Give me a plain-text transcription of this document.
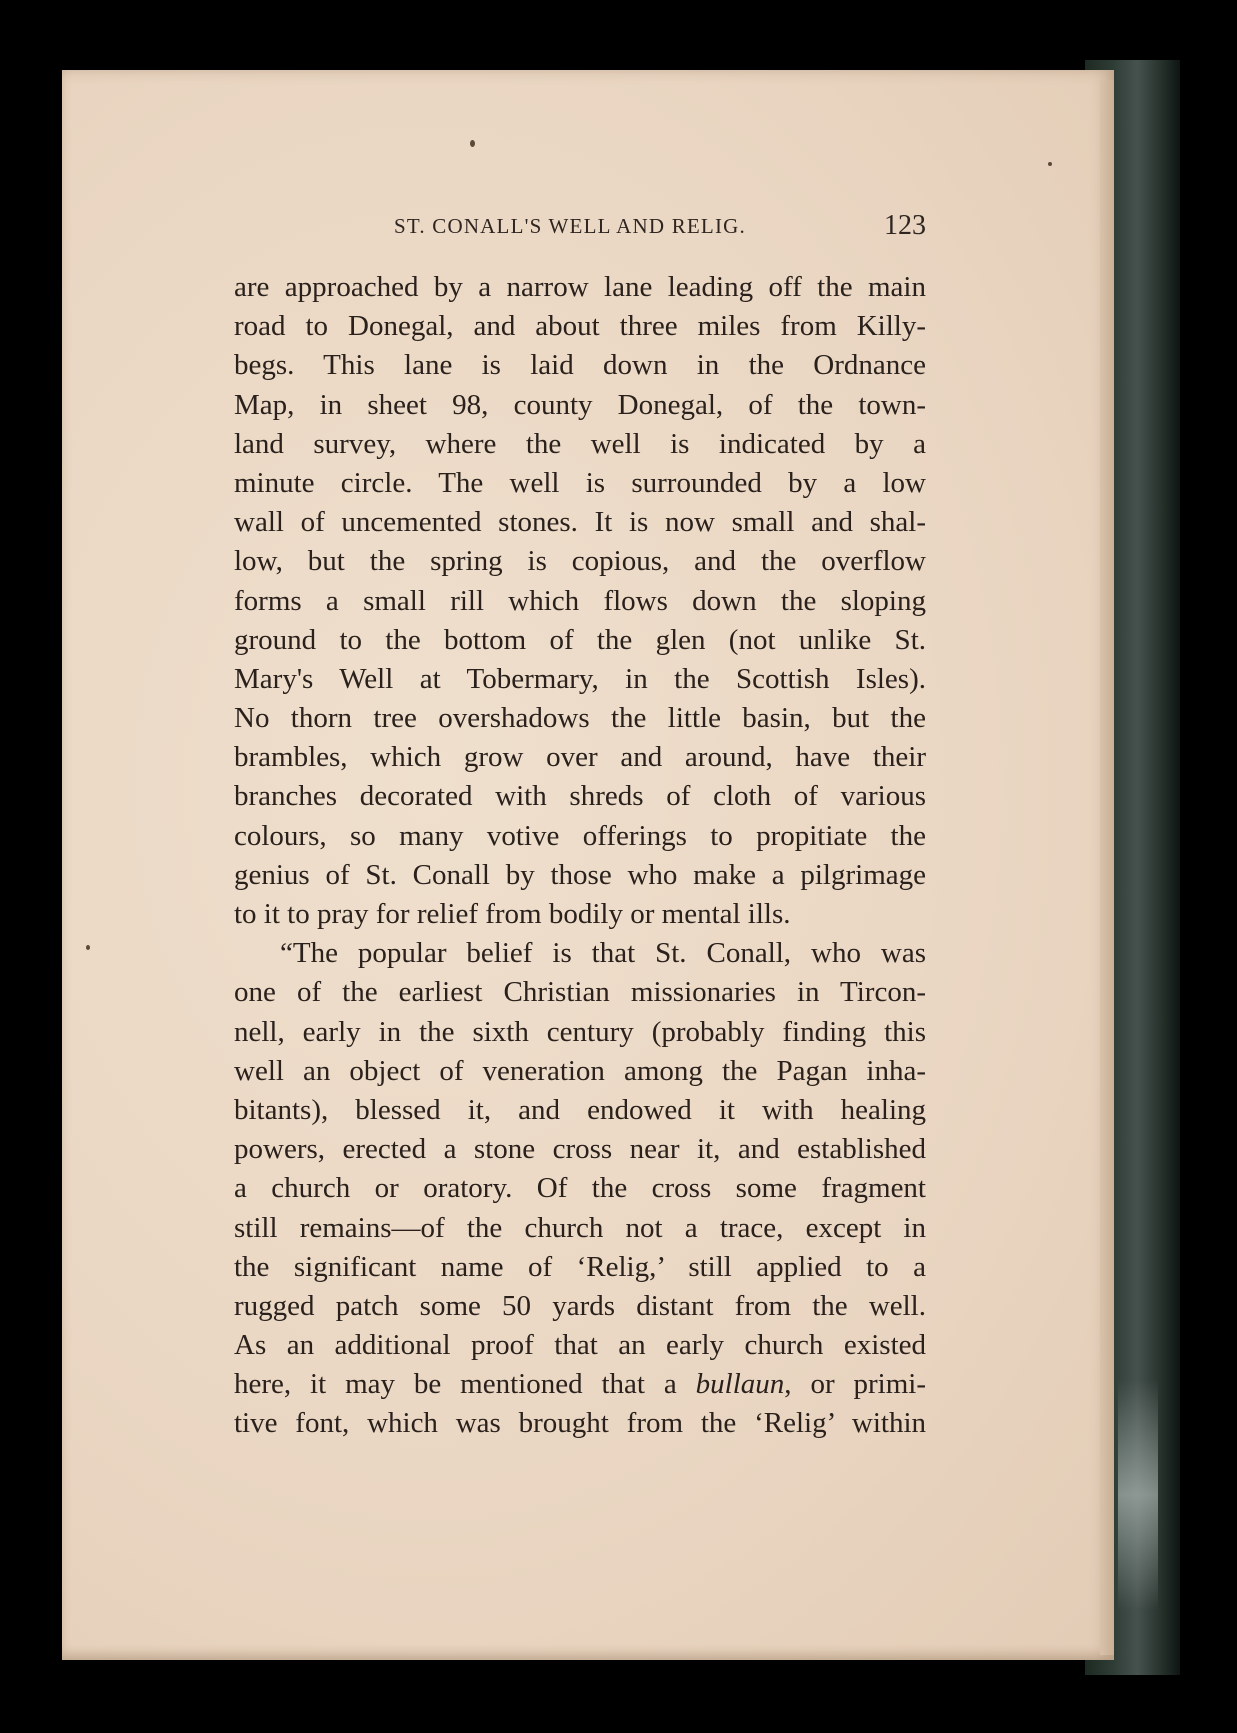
ST. CONALL'S WELL AND RELIG.	123
are approached by a narrow lane leading off the main
road to Donegal, and about three miles from Killy-
begs. This lane is laid down in the Ordnance
Map, in sheet 98, county Donegal, of the town-
land survey, where the well is indicated by a
minute circle. The well is surrounded by a low
wall of uncemented stones. It is now small and shal-
low, but the spring is copious, and the overflow
forms a small rill which flows down the sloping
ground to the bottom of the glen (not unlike St.
Mary's Well at Tobermary, in the Scottish Isles).
No thorn tree overshadows the little basin, but the
brambles, which grow over and around, have their
branches decorated with shreds of cloth of various
colours, so many votive offerings to propitiate the
genius of St. Conall by those who make a pilgrimage
to it to pray for relief from bodily or mental ills.
“The popular belief is that St. Conall, who was
one of the earliest Christian missionaries in Tircon-
nell, early in the sixth century (probably finding this
well an object of veneration among the Pagan inha-
bitants), blessed it, and endowed it with healing
powers, erected a stone cross near it, and established
a church or oratory. Of the cross some fragment
still remains—of the church not a trace, except in
the significant name of ‘Relig,’ still applied to a
rugged patch some 50 yards distant from the well.
As an additional proof that an early church existed
here, it may be mentioned that a bullaun, or primi-
tive font, which was brought from the ‘Relig’ within
